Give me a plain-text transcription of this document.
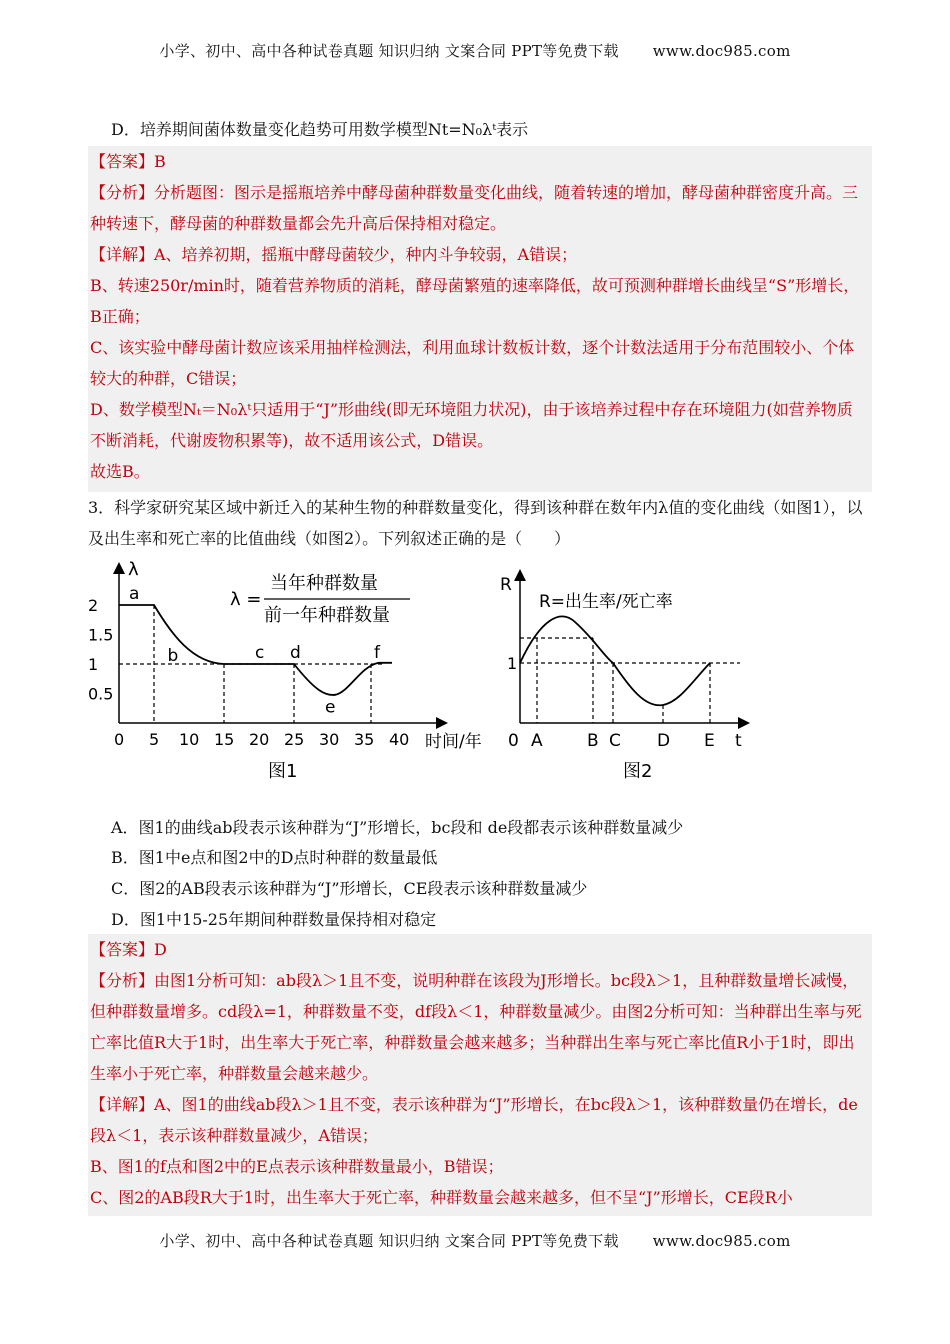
小学、初中、高中各种试卷真题 知识归纳 文案合同 PPT等免费下载 www.doc985.com
D．培养期间菌体数量变化趋势可用数学模型Nt=N₀λᵗ表示

【答案】B

【分析】分析题图：图示是摇瓶培养中酵母菌种群数量变化曲线，随着转速的增加，酵母菌种群密度升高。三种转速下，酵母菌的种群数量都会先升高后保持相对稳定。

【详解】A、培养初期，摇瓶中酵母菌较少，种内斗争较弱，A错误；

B、转速250r/min时，随着营养物质的消耗，酵母菌繁殖的速率降低，故可预测种群增长曲线呈“S”形增长，B正确；

C、该实验中酵母菌计数应该采用抽样检测法，利用血球计数板计数，逐个计数法适用于分布范围较小、个体较大的种群，C错误；

D、数学模型Nₜ＝N₀λᵗ只适用于“J”形曲线(即无环境阻力状况)，由于该培养过程中存在环境阻力(如营养物质不断消耗，代谢废物积累等)，故不适用该公式，D错误。

故选B。

3．科学家研究某区域中新迁入的某种生物的种群数量变化，得到该种群在数年内λ值的变化曲线（如图1），以及出生率和死亡率的比值曲线（如图2）。下列叙述正确的是（　　）
λ
时间/年
2
1.5
1
0.5
0 5 10 15 20 25 30 35 40
a
b	c d
e
f
λ =
当年种群数量
前一年种群数量
图1
R
R=出生率/死亡率
1
0 A	B C D E t
图2
A．图1的曲线ab段表示该种群为“J”形增长，bc段和 de段都表示该种群数量减少
B．图1中e点和图2中的D点时种群的数量最低
C．图2的AB段表示该种群为“J”形增长，CE段表示该种群数量减少
D．图1中15-25年期间种群数量保持相对稳定

【答案】D

【分析】由图1分析可知：ab段λ＞1且不变，说明种群在该段为J形增长。bc段λ＞1，且种群数量增长减慢，但种群数量增多。cd段λ=1，种群数量不变，df段λ＜1，种群数量减少。由图2分析可知：当种群出生率与死亡率比值R大于1时，出生率大于死亡率，种群数量会越来越多；当种群出生率与死亡率比值R小于1时，即出生率小于死亡率，种群数量会越来越少。

【详解】A、图1的曲线ab段λ＞1且不变，表示该种群为“J”形增长，在bc段λ＞1，该种群数量仍在增长，de段λ＜1，表示该种群数量减少，A错误；

B、图1的f点和图2中的E点表示该种群数量最小，B错误；

C、图2的AB段R大于1时，出生率大于死亡率，种群数量会越来越多，但不呈“J”形增长，CE段R小

小学、初中、高中各种试卷真题 知识归纳 文案合同 PPT等免费下载 www.doc985.com
